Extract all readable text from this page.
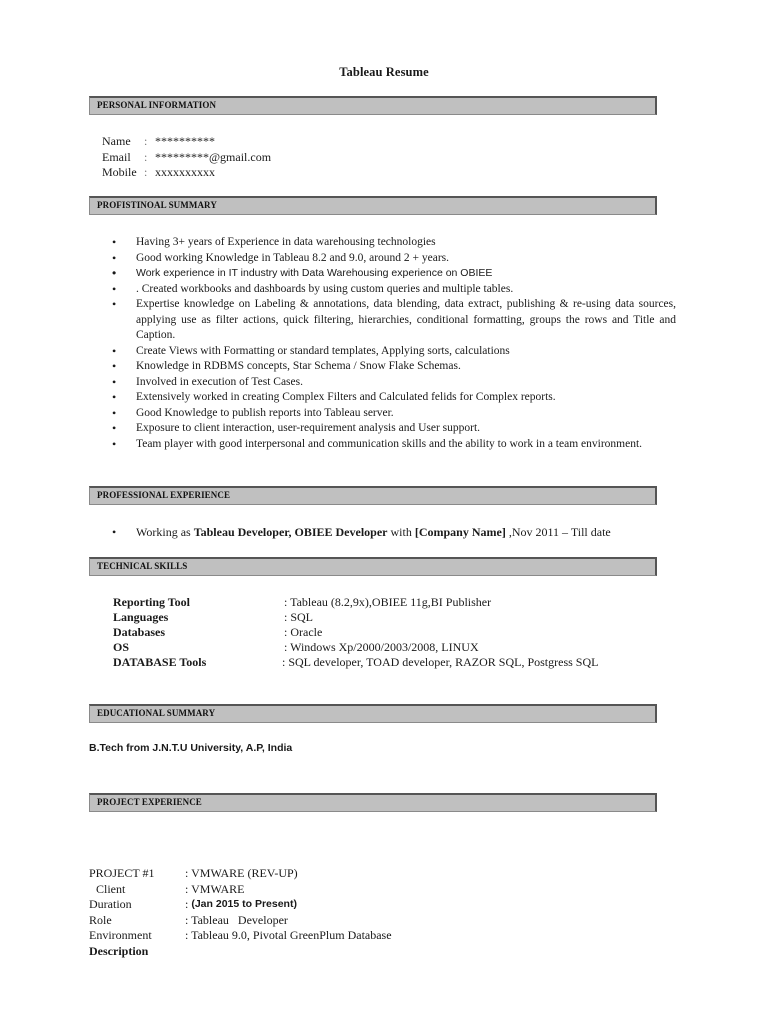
Tableau Resume
PERSONAL INFORMATION
Name	: **********
Email	: *********@gmail.com
Mobile : xxxxxxxxxx
PROFISTINOAL SUMMARY
• Having 3+ years of Experience in data warehousing technologies
• Good working Knowledge in Tableau 8.2 and 9.0, around 2 + years.
• Work experience in IT industry with Data Warehousing experience on OBIEE
• . Created workbooks and dashboards by using custom queries and multiple tables.
• Expertise knowledge on Labeling & annotations, data blending, data extract, publishing & re-using data sources, applying use as filter actions, quick filtering, hierarchies, conditional formatting, groups the rows and Title and Caption.
• Create Views with Formatting or standard templates, Applying sorts, calculations
• Knowledge in RDBMS concepts, Star Schema / Snow Flake Schemas.
• Involved in execution of Test Cases.
• Extensively worked in creating Complex Filters and Calculated felids for Complex reports.
• Good Knowledge to publish reports into Tableau server.
• Exposure to client interaction, user-requirement analysis and User support.
• Team player with good interpersonal and communication skills and the ability to work in a team environment.
PROFESSIONAL EXPERIENCE
• Working as Tableau Developer, OBIEE Developer with [Company Name] ,Nov 2011 – Till date
TECHNICAL SKILLS
Reporting Tool	: Tableau (8.2,9x),OBIEE 11g,BI Publisher
Languages	: SQL
Databases	: Oracle
OS	: Windows Xp/2000/2003/2008, LINUX
DATABASE Tools	: SQL developer, TOAD developer, RAZOR SQL, Postgress SQL
EDUCATIONAL SUMMARY
B.Tech from J.N.T.U University, A.P, India
PROJECT EXPERIENCE
PROJECT #1	: VMWARE (REV-UP)
Client	: VMWARE
Duration	: (Jan 2015 to Present)
Role	: Tableau   Developer
Environment	: Tableau 9.0, Pivotal GreenPlum Database
Description
